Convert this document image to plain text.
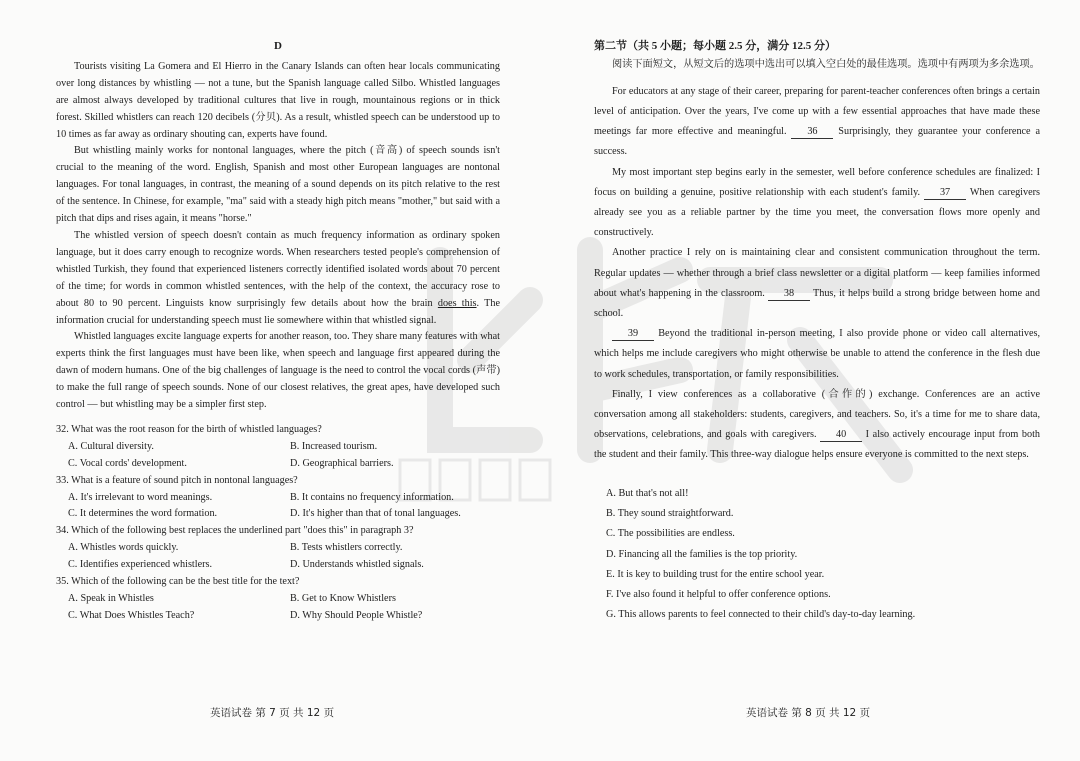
D

Tourists visiting La Gomera and El Hierro in the Canary Islands can often hear locals communicating over long distances by whistling — not a tune, but the Spanish language called Silbo. Whistled languages are almost always developed by traditional cultures that live in rough, mountainous regions or in thick forest. Skilled whistlers can reach 120 decibels (分贝). As a result, whistled speech can be understood up to 10 times as far away as ordinary shouting can, experts have found.

But whistling mainly works for nontonal languages, where the pitch (音高) of speech sounds isn't crucial to the meaning of the word. English, Spanish and most other European languages are nontonal languages. For tonal languages, in contrast, the meaning of a sound depends on its pitch relative to the rest of the sentence. In Chinese, for example, "ma" said with a steady high pitch means "mother," but said with a pitch that dips and rises again, it means "horse."

The whistled version of speech doesn't contain as much frequency information as ordinary spoken language, but it does carry enough to recognize words. When researchers tested people's comprehension of whistled Turkish, they found that experienced listeners correctly identified isolated words about 70 percent of the time; for words in common whistled sentences, with the help of the context, the accuracy rose to about 80 to 90 percent. Linguists know surprisingly few details about how the brain does this. The information crucial for understanding speech must lie somewhere within that whistled signal.

Whistled languages excite language experts for another reason, too. They share many features with what experts think the first languages must have been like, when speech and language first appeared during the dawn of modern humans. One of the big challenges of language is the need to control the vocal cords (声带) to make the full range of speech sounds. None of our closest relatives, the great apes, have developed such control — but whistling may be a simpler first step.

32. What was the root reason for the birth of whistled languages?
A. Cultural diversity.	B. Increased tourism.
C. Vocal cords' development.	D. Geographical barriers.
33. What is a feature of sound pitch in nontonal languages?
A. It's irrelevant to word meanings.	B. It contains no frequency information.
C. It determines the word formation.	D. It's higher than that of tonal languages.
34. Which of the following best replaces the underlined part "does this" in paragraph 3?
A. Whistles words quickly.	B. Tests whistlers correctly.
C. Identifies experienced whistlers.	D. Understands whistled signals.
35. Which of the following can be the best title for the text?
A. Speak in Whistles	B. Get to Know Whistlers
C. What Does Whistles Teach?	D. Why Should People Whistle?
第二节（共 5 小题；每小题 2.5 分，满分 12.5 分）

阅读下面短文，从短文后的选项中选出可以填入空白处的最佳选项。选项中有两项为多余选项。

For educators at any stage of their career, preparing for parent-teacher conferences often brings a certain level of anticipation. Over the years, I've come up with a few essential approaches that have made these meetings far more effective and meaningful. 36 Surprisingly, they guarantee your conference a success.

My most important step begins early in the semester, well before conference schedules are finalized: I focus on building a genuine, positive relationship with each student's family. 37 When caregivers already see you as a reliable partner by the time you meet, the conversation flows more openly and constructively.

Another practice I rely on is maintaining clear and consistent communication throughout the term. Regular updates — whether through a brief class newsletter or a digital platform — keep families informed about what's happening in the classroom. 38 Thus, it helps build a strong bridge between home and school.

39 Beyond the traditional in-person meeting, I also provide phone or video call alternatives, which helps me include caregivers who might otherwise be unable to attend the conference in the flesh due to work schedules, transportation, or family responsibilities.

Finally, I view conferences as a collaborative (合作的) exchange. Conferences are an active conversation among all stakeholders: students, caregivers, and teachers. So, it's a time for me to share data, observations, celebrations, and goals with caregivers. 40 I also actively encourage input from both the student and their family. This three-way dialogue helps ensure everyone is committed to the next steps.

A. But that's not all!
B. They sound straightforward.
C. The possibilities are endless.
D. Financing all the families is the top priority.
E. It is key to building trust for the entire school year.
F. I've also found it helpful to offer conference options.
G. This allows parents to feel connected to their child's day-to-day learning.
英语试卷 第 7 页 共 12 页	英语试卷 第 8 页 共 12 页
